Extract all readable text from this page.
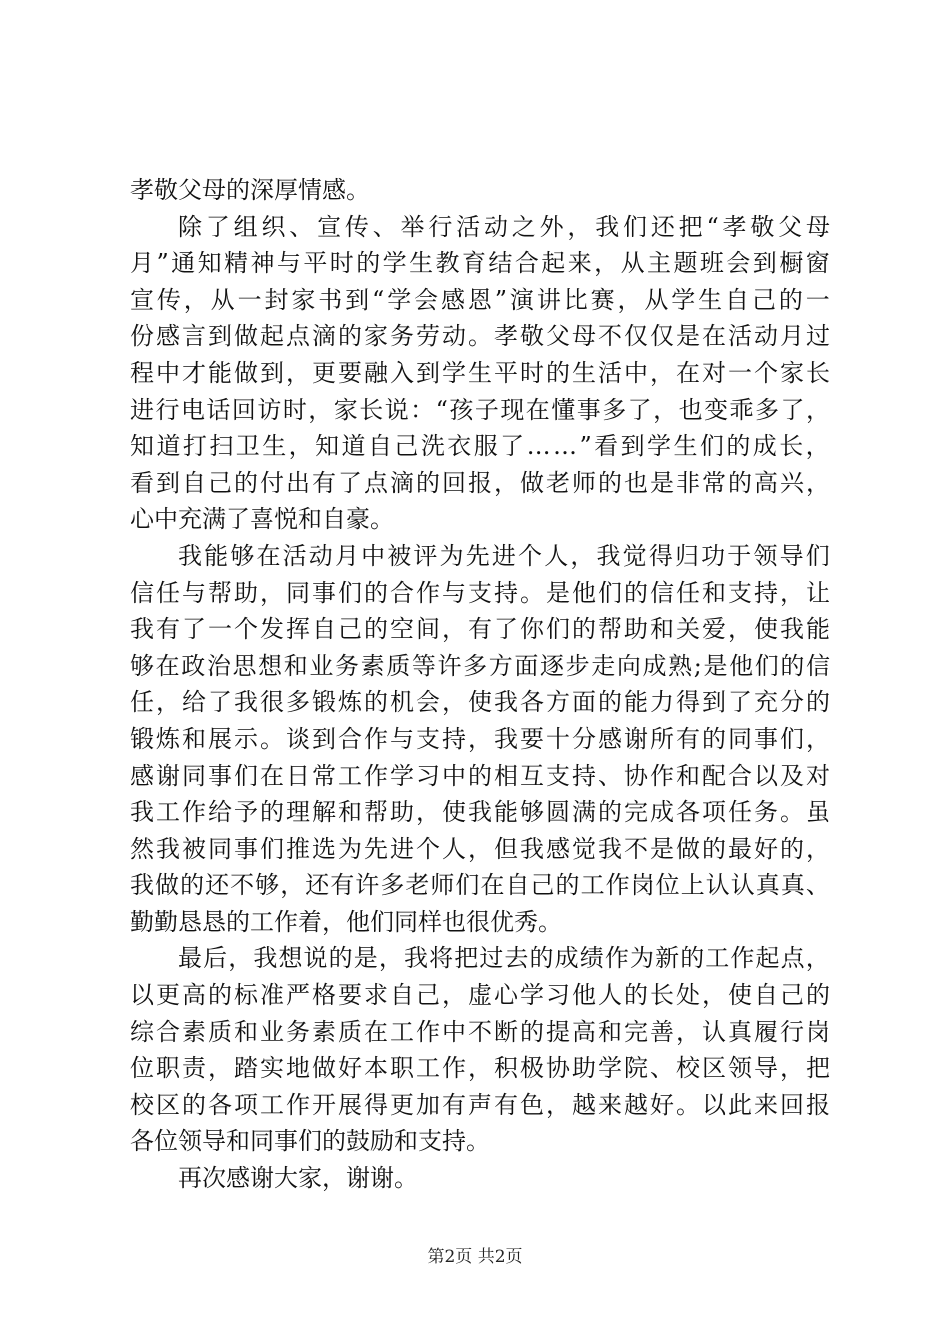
孝敬父母的深厚情感。
除 了 组 织 、 宣 传 、 举 行 活 动 之 外 ， 我 们 还 把 “ 孝 敬 父 母
月 ” 通 知 精 神 与 平 时 的 学 生 教 育 结 合 起 来 ， 从 主 题 班 会 到 橱 窗
宣 传 ， 从 一 封 家 书 到 “ 学 会 感 恩 ” 演 讲 比 赛 ， 从 学 生 自 己 的 一
份 感 言 到 做 起 点 滴 的 家 务 劳 动 。 孝 敬 父 母 不 仅 仅 是 在 活 动 月 过
程 中 才 能 做 到 ， 更 要 融 入 到 学 生 平 时 的 生 活 中 ， 在 对 一 个 家 长
进 行 电 话 回 访 时 ， 家 长 说 ： “ 孩 子 现 在 懂 事 多 了 ， 也 变 乖 多 了 ，
知 道 打 扫 卫 生 ， 知 道 自 己 洗 衣 服 了 … … ” 看 到 学 生 们 的 成 长 ，
看 到 自 己 的 付 出 有 了 点 滴 的 回 报 ， 做 老 师 的 也 是 非 常 的 高 兴 ，
心中充满了喜悦和自豪。
我 能 够 在 活 动 月 中 被 评 为 先 进 个 人 ， 我 觉 得 归 功 于 领 导 们
信 任 与 帮 助 ， 同 事 们 的 合 作 与 支 持 。 是 他 们 的 信 任 和 支 持 ， 让
我 有 了 一 个 发 挥 自 己 的 空 间 ， 有 了 你 们 的 帮 助 和 关 爱 ， 使 我 能
够 在 政 治 思 想 和 业 务 素 质 等 许 多 方 面 逐 步 走 向 成 熟 ; 是 他 们 的 信
任 ， 给 了 我 很 多 锻 炼 的 机 会 ， 使 我 各 方 面 的 能 力 得 到 了 充 分 的
锻 炼 和 展 示 。 谈 到 合 作 与 支 持 ， 我 要 十 分 感 谢 所 有 的 同 事 们 ，
感 谢 同 事 们 在 日 常 工 作 学 习 中 的 相 互 支 持 、 协 作 和 配 合 以 及 对
我 工 作 给 予 的 理 解 和 帮 助 ， 使 我 能 够 圆 满 的 完 成 各 项 任 务 。 虽
然 我 被 同 事 们 推 选 为 先 进 个 人 ， 但 我 感 觉 我 不 是 做 的 最 好 的 ，
我 做 的 还 不 够 ， 还 有 许 多 老 师 们 在 自 己 的 工 作 岗 位 上 认 认 真 真 、
勤勤恳恳的工作着，他们同样也很优秀。
最 后 ， 我 想 说 的 是 ， 我 将 把 过 去 的 成 绩 作 为 新 的 工 作 起 点 ，
以 更 高 的 标 准 严 格 要 求 自 己 ， 虚 心 学 习 他 人 的 长 处 ， 使 自 己 的
综 合 素 质 和 业 务 素 质 在 工 作 中 不 断 的 提 高 和 完 善 ， 认 真 履 行 岗
位 职 责 ， 踏 实 地 做 好 本 职 工 作 ， 积 极 协 助 学 院 、 校 区 领 导 ， 把
校 区 的 各 项 工 作 开 展 得 更 加 有 声 有 色 ， 越 来 越 好 。 以 此 来 回 报
各位领导和同事们的鼓励和支持。
再次感谢大家，谢谢。
第2页 共2页
